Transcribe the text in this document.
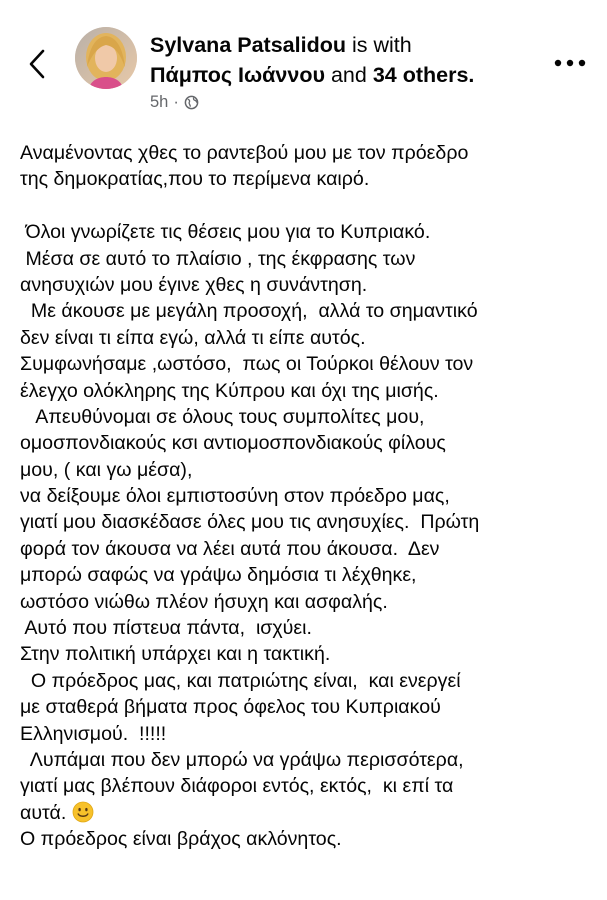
Sylvana Patsalidou is with
Πάμπος Ιωάννου and 34 others.
5h ·
Αναμένοντας χθες το ραντεβού μου με τον πρόεδρο
της δημοκρατίας,που το περίμενα καιρό.
Όλοι γνωρίζετε τις θέσεις μου για το Κυπριακό.
Μέσα σε αυτό το πλαίσιο , της έκφρασης των
ανησυχιών μου έγινε χθες η συνάντηση.
Με άκουσε με μεγάλη προσοχή,  αλλά το σημαντικό
δεν είναι τι είπα εγώ, αλλά τι είπε αυτός.
Συμφωνήσαμε ,ωστόσο,  πως οι Τούρκοι θέλουν τον
έλεγχο ολόκληρης της Κύπρου και όχι της μισής.
Απευθύνομαι σε όλους τους συμπολίτες μου,
ομοσπονδιακούς κσι αντιομοσπονδιακούς φίλους
μου, ( και γω μέσα),
να δείξουμε όλοι εμπιστοσύνη στον πρόεδρο μας,
γιατί μου διασκέδασε όλες μου τις ανησυχίες.  Πρώτη
φορά τον άκουσα να λέει αυτά που άκουσα.  Δεν
μπορώ σαφώς να γράψω δημόσια τι λέχθηκε,
ωστόσο νιώθω πλέον ήσυχη και ασφαλής.
Αυτό που πίστευα πάντα,  ισχύει.
Στην πολιτική υπάρχει και η τακτική.
Ο πρόεδρος μας, και πατριώτης είναι,  και ενεργεί
με σταθερά βήματα προς όφελος του Κυπριακού
Ελληνισμού.  !!!!!
Λυπάμαι που δεν μπορώ να γράψω περισσότερα,
γιατί μας βλέπουν διάφοροι εντός, εκτός,  κι επί τα
αυτά.
Ο πρόεδρος είναι βράχος ακλόνητος.
